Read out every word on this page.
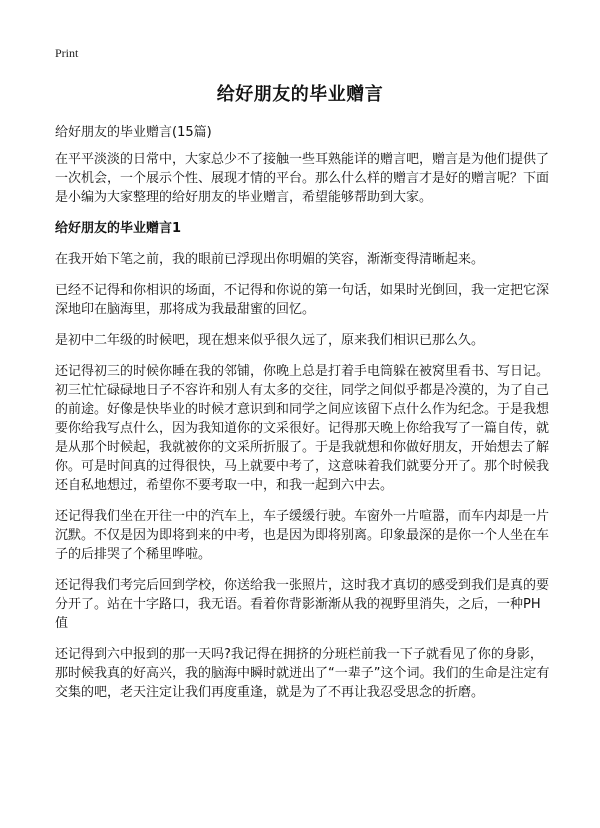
Print
给好朋友的毕业赠言

给好朋友的毕业赠言(15篇)

在平平淡淡的日常中，大家总少不了接触一些耳熟能详的赠言吧，赠言是为他们提供了一次机会，一个展示个性、展现才情的平台。那么什么样的赠言才是好的赠言呢？下面是小编为大家整理的给好朋友的毕业赠言，希望能够帮助到大家。

给好朋友的毕业赠言1

在我开始下笔之前，我的眼前已浮现出你明媚的笑容，渐渐变得清晰起来。

已经不记得和你相识的场面，不记得和你说的第一句话，如果时光倒回，我一定把它深深地印在脑海里，那将成为我最甜蜜的回忆。

是初中二年级的时候吧，现在想来似乎很久远了，原来我们相识已那么久。

还记得初三的时候你睡在我的邻铺，你晚上总是打着手电筒躲在被窝里看书、写日记。初三忙忙碌碌地日子不容许和别人有太多的交往，同学之间似乎都是冷漠的，为了自己的前途。好像是快毕业的时候才意识到和同学之间应该留下点什么作为纪念。于是我想要你给我写点什么，因为我知道你的文采很好。记得那天晚上你给我写了一篇自传，就是从那个时候起，我就被你的文采所折服了。于是我就想和你做好朋友，开始想去了解你。可是时间真的过得很快，马上就要中考了，这意味着我们就要分开了。那个时候我还自私地想过，希望你不要考取一中，和我一起到六中去。

还记得我们坐在开往一中的汽车上，车子缓缓行驶。车窗外一片喧嚣，而车内却是一片沉默。不仅是因为即将到来的中考，也是因为即将别离。印象最深的是你一个人坐在车子的后排哭了个稀里哗啦。

还记得我们考完后回到学校，你送给我一张照片，这时我才真切的感受到我们是真的要分开了。站在十字路口，我无语。看着你背影渐渐从我的视野里消失，之后，一种PH值

还记得到六中报到的那一天吗?我记得在拥挤的分班栏前我一下子就看见了你的身影，那时候我真的好高兴，我的脑海中瞬时就迸出了“一辈子”这个词。我们的生命是注定有交集的吧，老天注定让我们再度重逢，就是为了不再让我忍受思念的折磨。
